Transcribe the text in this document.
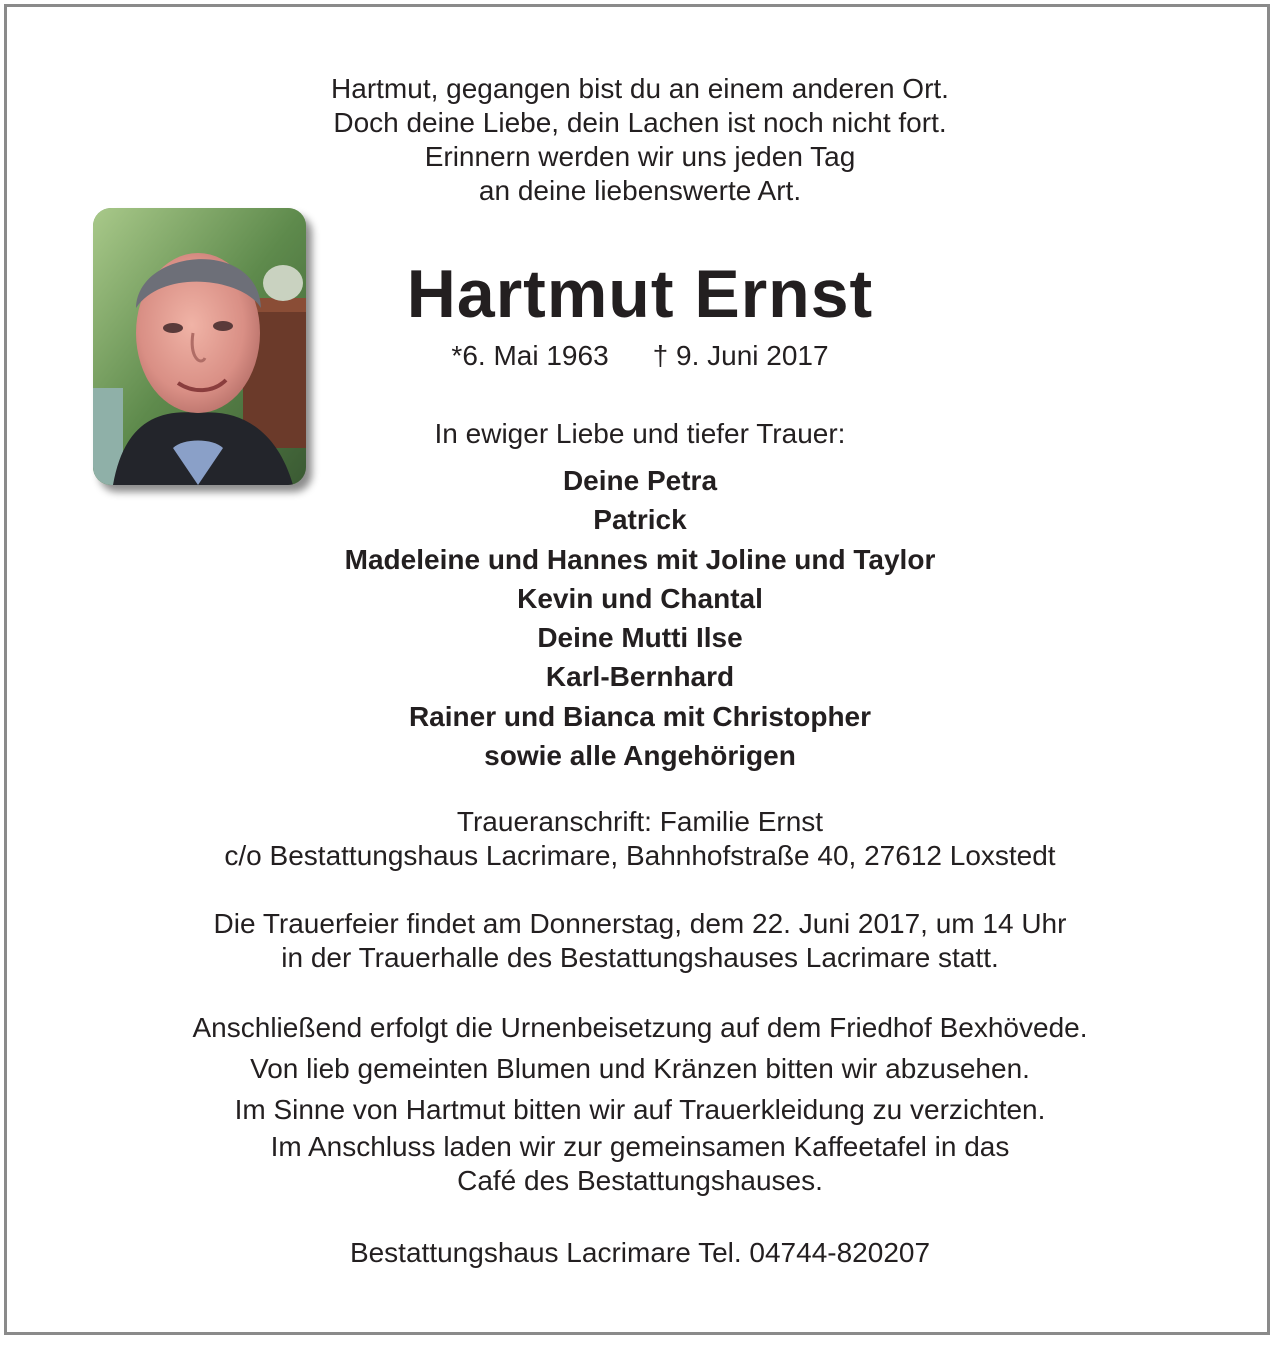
Hartmut, gegangen bist du an einem anderen Ort.
Doch deine Liebe, dein Lachen ist noch nicht fort.
Erinnern werden wir uns jeden Tag
an deine liebenswerte Art.
Hartmut Ernst
*6. Mai 1963 † 9. Juni 2017
In ewiger Liebe und tiefer Trauer:
Deine Petra
Patrick
Madeleine und Hannes mit Joline und Taylor
Kevin und Chantal
Deine Mutti Ilse
Karl-Bernhard
Rainer und Bianca mit Christopher
sowie alle Angehörigen
Traueranschrift: Familie Ernst
c/o Bestattungshaus Lacrimare, Bahnhofstraße 40, 27612 Loxstedt
Die Trauerfeier findet am Donnerstag, dem 22. Juni 2017, um 14 Uhr
in der Trauerhalle des Bestattungshauses Lacrimare statt.
Anschließend erfolgt die Urnenbeisetzung auf dem Friedhof Bexhövede.
Von lieb gemeinten Blumen und Kränzen bitten wir abzusehen.
Im Sinne von Hartmut bitten wir auf Trauerkleidung zu verzichten.
Im Anschluss laden wir zur gemeinsamen Kaffeetafel in das
Café des Bestattungshauses.
Bestattungshaus Lacrimare Tel. 04744-820207
